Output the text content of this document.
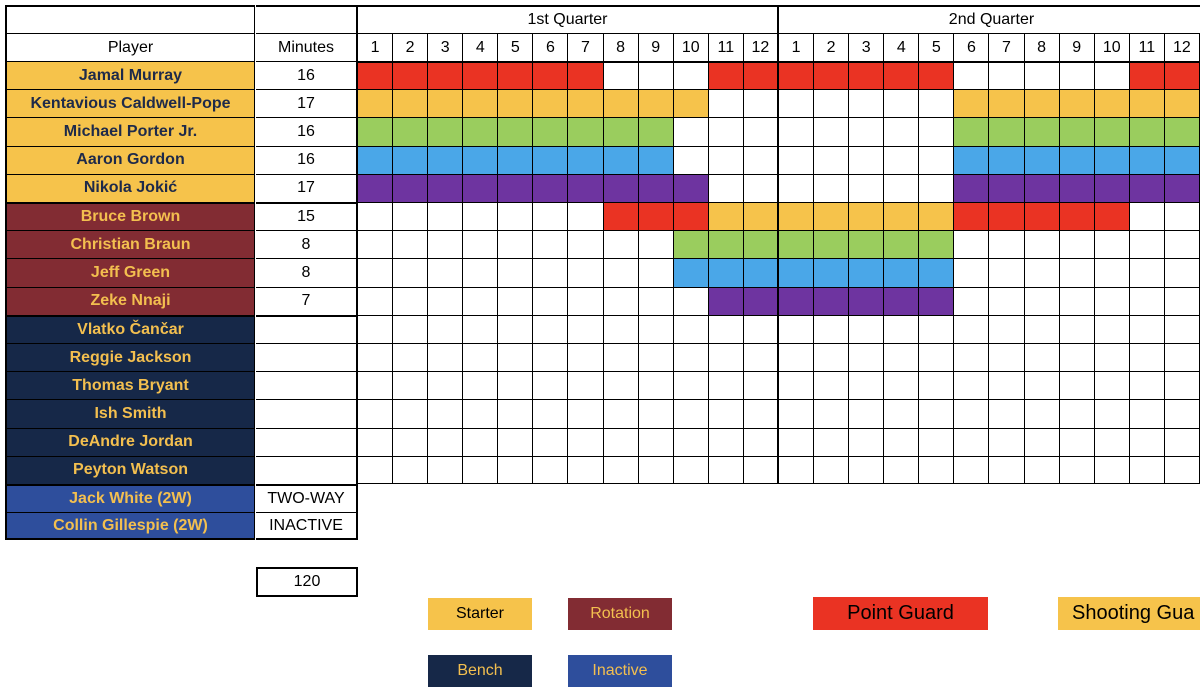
1st Quarter	2nd Quarter
Player	Minutes 1 2 3 4 5 6 7 8 9 10 11 12 1 2 3 4 5 6 7 8 9 10 11 12
Jamal Murray	16
Kentavious Caldwell-Pope	17
Michael Porter Jr.	16
Aaron Gordon	16
Nikola Jokić	17
Bruce Brown	15
Christian Braun	8
Jeff Green	8
Zeke Nnaji	7
Vlatko Čančar
Reggie Jackson
Thomas Bryant
Ish Smith
DeAndre Jordan
Peyton Watson
Jack White (2W)	TWO-WAY
Collin Gillespie (2W)	INACTIVE
Starter	Rotation	Point Guard	Shooting Gua
Bench	Inactive
120
